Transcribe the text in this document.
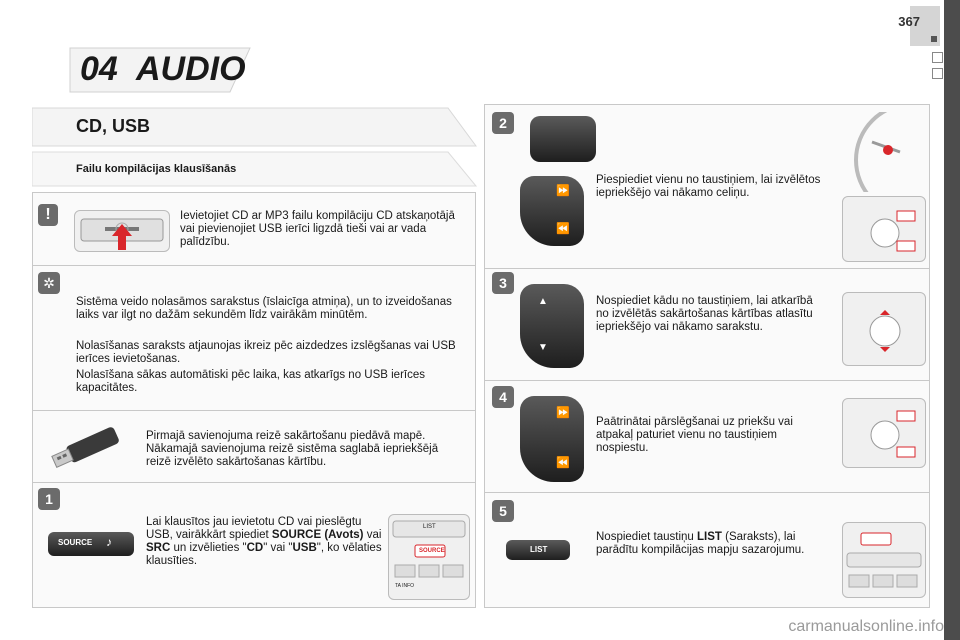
367
04 AUDIO
CD, USB
Failu kompilācijas klausīšanās
!	Ievietojiet CD ar MP3 failu kompilāciju CD atskaņotājā vai pievienojiet USB ierīci ligzdā tieši vai ar vada palīdzību.
✲
Sistēma veido nolasāmos sarakstus (īslaicīga atmiņa), un to izveidošanas laiks var ilgt no dažām sekundēm līdz vairākām minūtēm.
Nolasīšanas saraksts atjaunojas ikreiz pēc aizdedzes izslēgšanas vai USB ierīces ievietošanas.
Nolasīšana sākas automātiski pēc laika, kas atkarīgs no USB ierīces kapacitātes.
Pirmajā savienojuma reizē sakārtošanu piedāvā mapē. Nākamajā savienojuma reizē sistēma saglabā iepriekšējā reizē izvēlēto sakārtošanas kārtību.
1
SOURCE ♪
Lai klausītos jau ievietotu CD vai pieslēgtu USB, vairākkārt spiediet SOURCE (Avots) vai SRC un izvēlieties "CD" vai "USB", ko vēlaties klausīties.
LIST
SOURCE
TA INFO
2
⏩
⏪
Piespiediet vienu no taustiņiem, lai izvēlētos iepriekšējo vai nākamo celiņu.
3
▲
▼
Nospiediet kādu no taustiņiem, lai atkarībā no izvēlētās sakārtošanas kārtības atlasītu iepriekšējo vai nākamo sarakstu.
4
⏩
⏪
Paātrinātai pārslēgšanai uz priekšu vai atpakaļ paturiet vienu no taustiņiem nospiestu.
5
LIST
Nospiediet taustiņu LIST (Saraksts), lai parādītu kompilācijas mapju sazarojumu.
carmanualsonline.info
